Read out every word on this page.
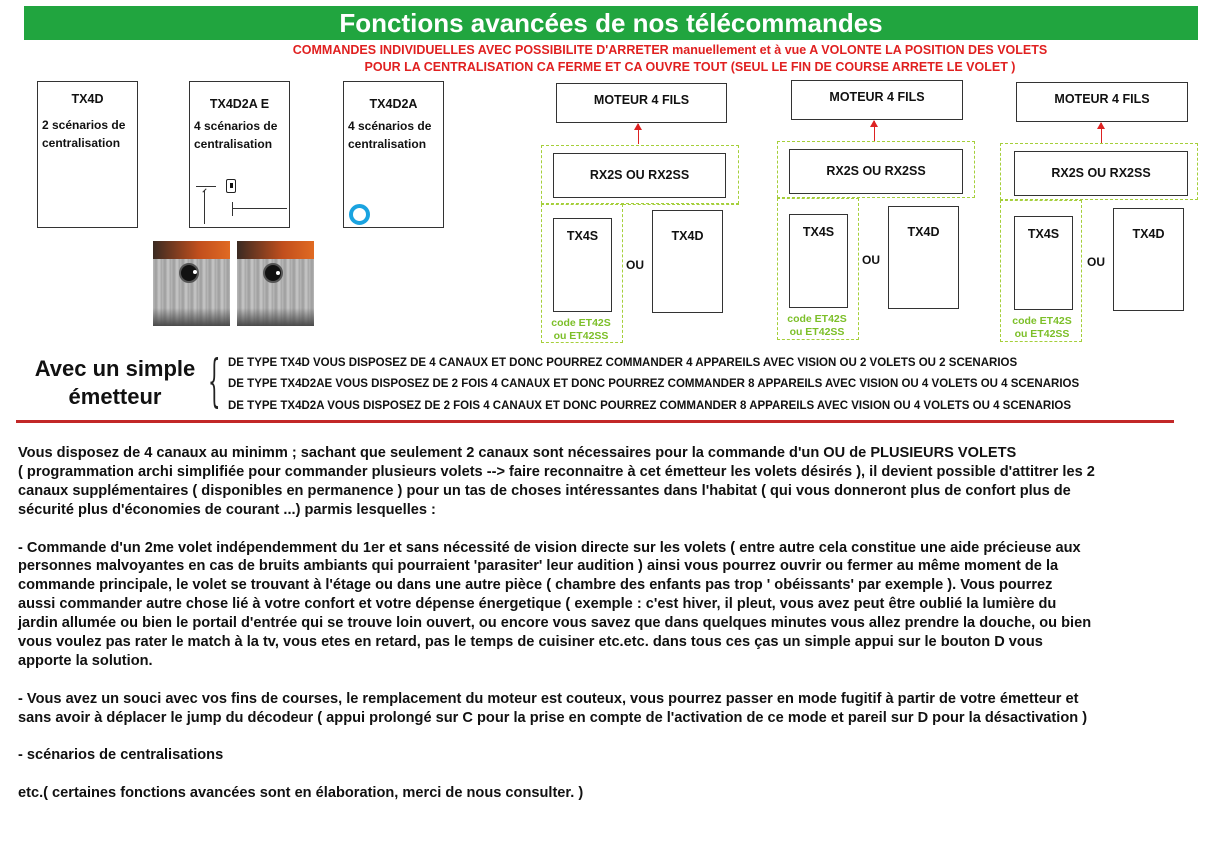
Fonctions avancées de nos télécommandes
COMMANDES INDIVIDUELLES AVEC POSSIBILITE D'ARRETER manuellement et à vue A VOLONTE LA POSITION DES VOLETS
POUR LA CENTRALISATION CA FERME ET CA OUVRE TOUT (SEUL LE FIN DE COURSE ARRETE LE VOLET )
TX4D
2 scénarios de centralisation
TX4D2A E
4 scénarios de centralisation
TX4D2A
4 scénarios de centralisation
MOTEUR 4 FILS
RX2S OU RX2SS
TX4S
OU
TX4D
code ET42S
ou ET42SS
MOTEUR 4 FILS
RX2S OU RX2SS
TX4S
OU
TX4D
code ET42S
ou ET42SS
MOTEUR 4 FILS
RX2S OU RX2SS
TX4S
OU
TX4D
code ET42S
ou ET42SS
Avec un simple émetteur { DE TYPE TX4D VOUS DISPOSEZ DE 4 CANAUX ET DONC POURREZ COMMANDER 4 APPAREILS AVEC VISION OU 2 VOLETS OU 2 SCENARIOS
DE TYPE TX4D2AE VOUS DISPOSEZ DE 2 FOIS 4 CANAUX ET DONC POURREZ COMMANDER 8 APPAREILS AVEC VISION OU 4 VOLETS OU 4 SCENARIOS
DE TYPE TX4D2A VOUS DISPOSEZ DE 2 FOIS 4 CANAUX ET DONC POURREZ COMMANDER 8 APPAREILS AVEC VISION OU 4 VOLETS OU 4 SCENARIOS

Vous disposez de 4 canaux au minimm ; sachant que seulement 2 canaux sont nécessaires pour la commande d'un OU de PLUSIEURS VOLETS
( programmation archi simplifiée pour commander plusieurs volets --> faire reconnaitre à cet émetteur les volets désirés ), il devient possible d'attitrer les 2
canaux supplémentaires ( disponibles en permanence ) pour un tas de choses intéressantes dans l'habitat ( qui vous donneront plus de confort plus de
sécurité plus d'économies de courant ...) parmis lesquelles :

- Commande d'un 2me volet indépendemment du 1er et sans nécessité de vision directe sur les volets ( entre autre cela constitue une aide précieuse aux
personnes malvoyantes en cas de bruits ambiants qui pourraient 'parasiter' leur audition ) ainsi vous pourrez ouvrir ou fermer au même moment de la
commande principale, le volet se trouvant à l'étage ou dans une autre pièce ( chambre des enfants pas trop ' obéissants' par exemple ). Vous pourrez
aussi commander autre chose lié à votre confort et votre dépense énergetique ( exemple : c'est hiver, il pleut, vous avez peut être oublié la lumière du
jardin allumée ou bien le portail d'entrée qui se trouve loin ouvert, ou encore vous savez que dans quelques minutes vous allez prendre la douche, ou bien
vous voulez pas rater le match à la tv, vous etes en retard, pas le temps de cuisiner etc.etc. dans tous ces ças un simple appui sur le bouton D vous
apporte la solution.

- Vous avez un souci avec vos fins de courses, le remplacement du moteur est couteux, vous pourrez passer en mode fugitif à partir de votre émetteur et
sans avoir à déplacer le jump du décodeur ( appui prolongé sur C pour la prise en compte de l'activation de ce mode et pareil sur D pour la désactivation )

- scénarios de centralisations

etc.( certaines fonctions avancées sont en élaboration, merci de nous consulter. )
